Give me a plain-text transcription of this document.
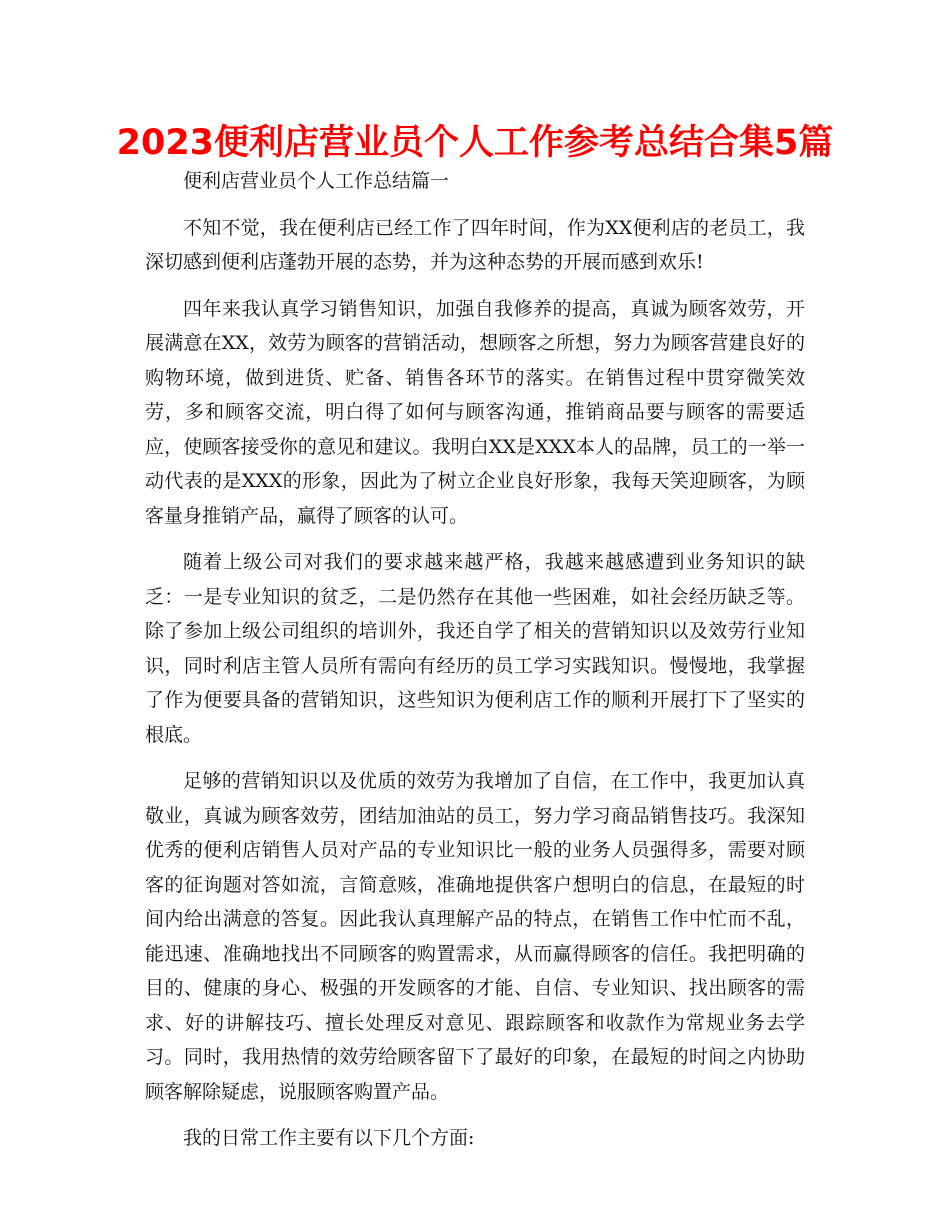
2023便利店营业员个人工作参考总结合集5篇

便利店营业员个人工作总结篇一

不知不觉，我在便利店已经工作了四年时间，作为XX便利店的老员工，我深切感到便利店蓬勃开展的态势，并为这种态势的开展而感到欢乐!

四年来我认真学习销售知识，加强自我修养的提高，真诚为顾客效劳，开展满意在XX，效劳为顾客的营销活动，想顾客之所想，努力为顾客营建良好的购物环境，做到进货、贮备、销售各环节的落实。在销售过程中贯穿微笑效劳，多和顾客交流，明白得了如何与顾客沟通，推销商品要与顾客的需要适应，使顾客接受你的意见和建议。我明白XX是XXX本人的品牌，员工的一举一动代表的是XXX的形象，因此为了树立企业良好形象，我每天笑迎顾客，为顾客量身推销产品，赢得了顾客的认可。

随着上级公司对我们的要求越来越严格，我越来越感遭到业务知识的缺乏：一是专业知识的贫乏，二是仍然存在其他一些困难，如社会经历缺乏等。除了参加上级公司组织的培训外，我还自学了相关的营销知识以及效劳行业知识，同时利店主管人员所有需向有经历的员工学习实践知识。慢慢地，我掌握了作为便要具备的营销知识，这些知识为便利店工作的顺利开展打下了坚实的根底。

足够的营销知识以及优质的效劳为我增加了自信，在工作中，我更加认真敬业，真诚为顾客效劳，团结加油站的员工，努力学习商品销售技巧。我深知优秀的便利店销售人员对产品的专业知识比一般的业务人员强得多，需要对顾客的征询题对答如流，言简意赅，准确地提供客户想明白的信息，在最短的时间内给出满意的答复。因此我认真理解产品的特点，在销售工作中忙而不乱，能迅速、准确地找出不同顾客的购置需求，从而赢得顾客的信任。我把明确的目的、健康的身心、极强的开发顾客的才能、自信、专业知识、找出顾客的需求、好的讲解技巧、擅长处理反对意见、跟踪顾客和收款作为常规业务去学习。同时，我用热情的效劳给顾客留下了最好的印象，在最短的时间之内协助顾客解除疑虑，说服顾客购置产品。

我的日常工作主要有以下几个方面:
